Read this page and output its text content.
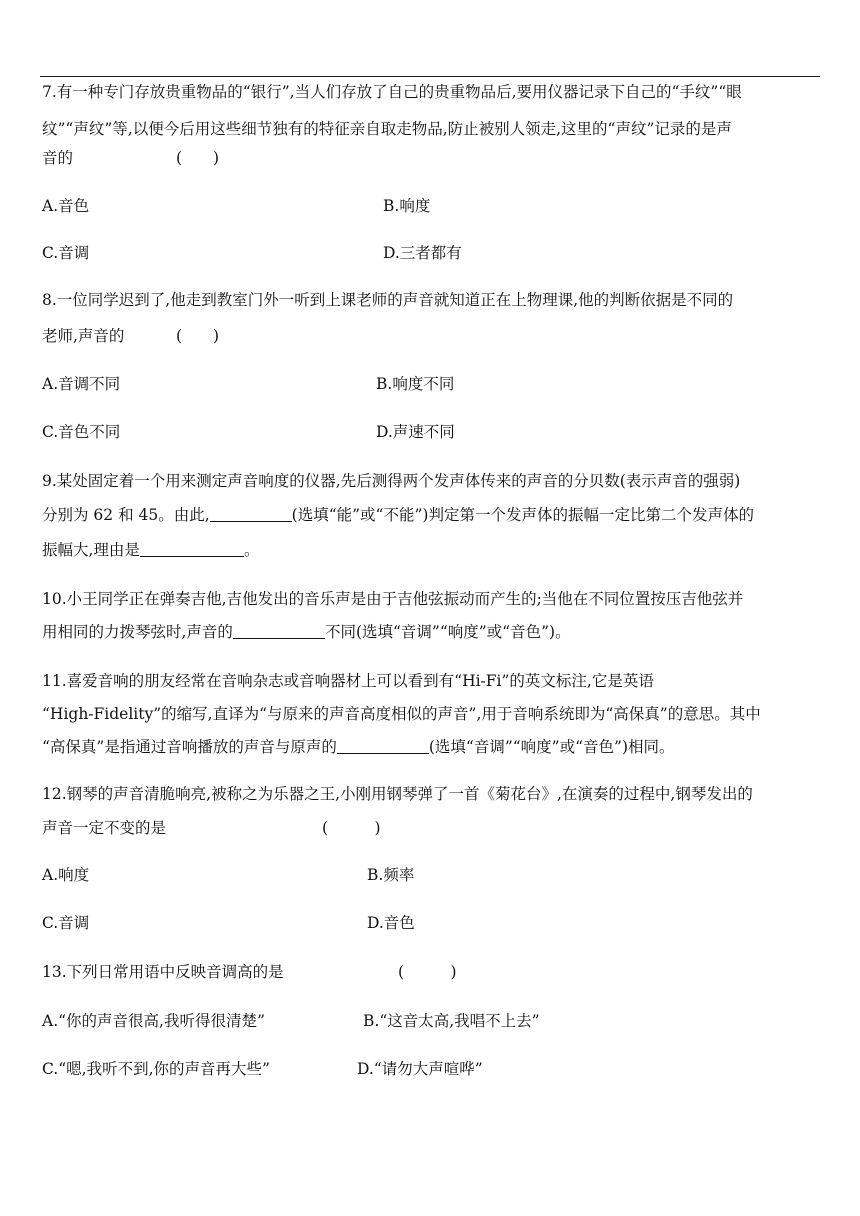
7.有一种专门存放贵重物品的“银行”,当人们存放了自己的贵重物品后,要用仪器记录下自己的“手纹”“眼
纹”“声纹”等,以便今后用这些细节独有的特征亲自取走物品,防止被别人领走,这里的“声纹”记录的是声
音的	(　　)
A.音色	B.响度
C.音调	D.三者都有
8.一位同学迟到了,他走到教室门外一听到上课老师的声音就知道正在上物理课,他的判断依据是不同的
老师,声音的	(　　)
A.音调不同	B.响度不同
C.音色不同	D.声速不同
9.某处固定着一个用来测定声音响度的仪器,先后测得两个发声体传来的声音的分贝数(表示声音的强弱)
分别为 62 和 45。由此,	(选填“能”或“不能”)判定第一个发声体的振幅一定比第二个发声体的
振幅大,理由是	。
10.小王同学正在弹奏吉他,吉他发出的音乐声是由于吉他弦振动而产生的;当他在不同位置按压吉他弦并
用相同的力拨琴弦时,声音的	不同(选填“音调”“响度”或“音色”)。
11.喜爱音响的朋友经常在音响杂志或音响器材上可以看到有“Hi-Fi”的英文标注,它是英语
“High-Fidelity”的缩写,直译为“与原来的声音高度相似的声音”,用于音响系统即为“高保真”的意思。其中
“高保真”是指通过音响播放的声音与原声的	(选填“音调”“响度”或“音色”)相同。
12.钢琴的声音清脆响亮,被称之为乐器之王,小刚用钢琴弹了一首《菊花台》,在演奏的过程中,钢琴发出的
声音一定不变的是	(　　　)
A.响度	B.频率
C.音调	D.音色
13.下列日常用语中反映音调高的是	(　　　)
A.“你的声音很高,我听得很清楚”	B.“这音太高,我唱不上去”
C.“嗯,我听不到,你的声音再大些”	D.“请勿大声喧哗”
